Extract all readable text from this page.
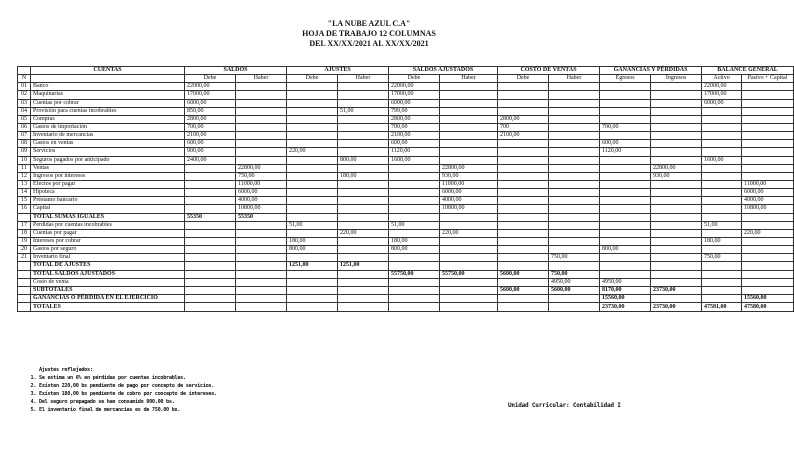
"LA NUBE AZUL C.A"
HOJA DE TRABAJO 12 COLUMNAS
DEL XX/XX/2021 AL XX/XX/2021
	CUENTAS	SALDOS		AJUSTES		SALDOS AJUSTADOS		COSTO DE VENTAS		GANANCIAS Y PÉRDIDAS		BALANCE GENERAL	
N		Debe	Haber	Debe	Haber	Debe	Haber	Debe	Haber	Egresos	Ingresos	Activo	Pasivo + Capital
01	Banco	22000,00				22000,00						22000,00	
02	Maquinarias	17000,00				17000,00						17000,00	
03	Cuentas por cobrar	6000,00				6000,00						6000,00	
04	Provisión para cuentas incobrables	850,00			51,00	799,00							
05	Compras	2800,00				2800,00		2800,00					
06	Gastos de importación	700,00				700,00		700		700,00			
07	Inventario de mercancías	2100,00				2100,00		2100,00					
08	Gastos en ventas	600,00				600,00				600,00			
09	Servicios	900,00		220,00		1120,00				1120,00			
10	Seguros pagados por anticipado	2400,00			800,00	1600,00						1600,00	
11	Ventas		22800,00				22800,00				22800,00		
12	Ingresos por intereses		750,00		180,00		930,00				930,00		
13	Efectos por pagar		11000,00				11000,00						11000,00
14	Hipoteca		6000,00				6000,00						6000,00
15	Préstamo bancario		4000,00				4000,00						4000,00
16	Capital		10800,00				10800,00						10800,00
	TOTAL SUMAS IGUALES	55350	55350										
17	Pérdidas por cuentas incobrables			51,00		51,00						51,00	
18	Cuentas por pagar				220,00		220,00						220,00
19	Intereses por cobrar			180,00		180,00						180,00	
20	Gastos por seguro			800,00		800,00				800,00			
21	Inventario final								750,00			750,00	
	TOTAL DE AJUSTES			1251,00	1251,00								
	TOTAL SALDOS AJUSTADOS					55750,00	55750,00	5600,00	750,00				
	Costo de venta								4950,00	4950,00			
	SUBTOTALES							5600,00	5600,00	8170,00	23730,00		
	GANANCIAS O PÉRDIDA EN EL EJERCICIO									15560,00			15560,00
	TOTALES									23730,00	23730,00	47581,00	47580,00
Ajustes reflejados:
1. Se estima un 6% en pérdidas por cuentas incobrables.
2. Existen 220,00 bs pendiente de pago por concepto de servicios.
3. Existen 180,00 bs pendiente de cobro por concepto de intereses.
4. Del seguro prepagado se han consumido 800,00 bs.
5. El inventario final de mercancías es de 750,00 bs.
Unidad Curricular: Contabilidad I
